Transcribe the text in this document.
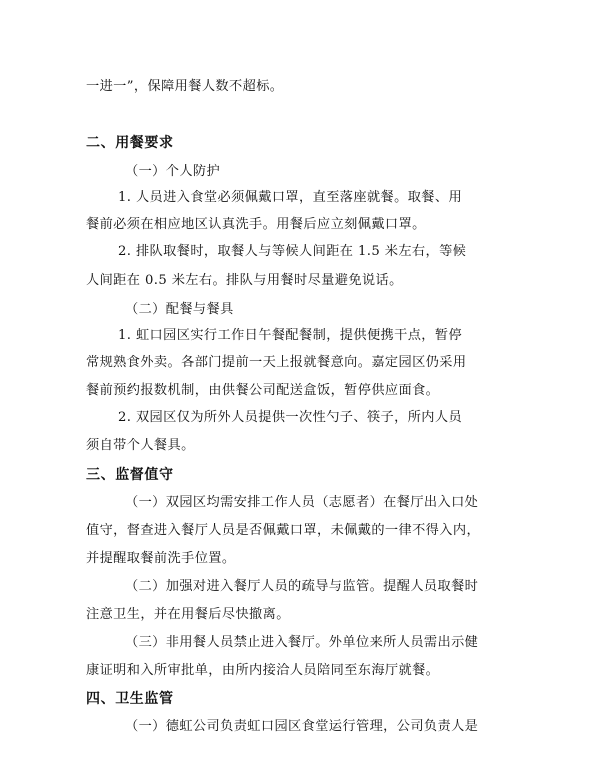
一进一”，保障用餐人数不超标。
二、用餐要求
（一）个人防护
1. 人员进入食堂必须佩戴口罩，直至落座就餐。取餐、用
餐前必须在相应地区认真洗手。用餐后应立刻佩戴口罩。
2. 排队取餐时，取餐人与等候人间距在 1.5 米左右，等候
人间距在 0.5 米左右。排队与用餐时尽量避免说话。
（二）配餐与餐具
1. 虹口园区实行工作日午餐配餐制，提供便携干点，暂停
常规熟食外卖。各部门提前一天上报就餐意向。嘉定园区仍采用
餐前预约报数机制，由供餐公司配送盒饭，暂停供应面食。
2. 双园区仅为所外人员提供一次性勺子、筷子，所内人员
须自带个人餐具。
三、监督值守
（一）双园区均需安排工作人员（志愿者）在餐厅出入口处
值守，督查进入餐厅人员是否佩戴口罩，未佩戴的一律不得入内，
并提醒取餐前洗手位置。
（二）加强对进入餐厅人员的疏导与监管。提醒人员取餐时
注意卫生，并在用餐后尽快撤离。
（三）非用餐人员禁止进入餐厅。外单位来所人员需出示健
康证明和入所审批单，由所内接洽人员陪同至东海厅就餐。
四、卫生监管
（一）德虹公司负责虹口园区食堂运行管理，公司负责人是
